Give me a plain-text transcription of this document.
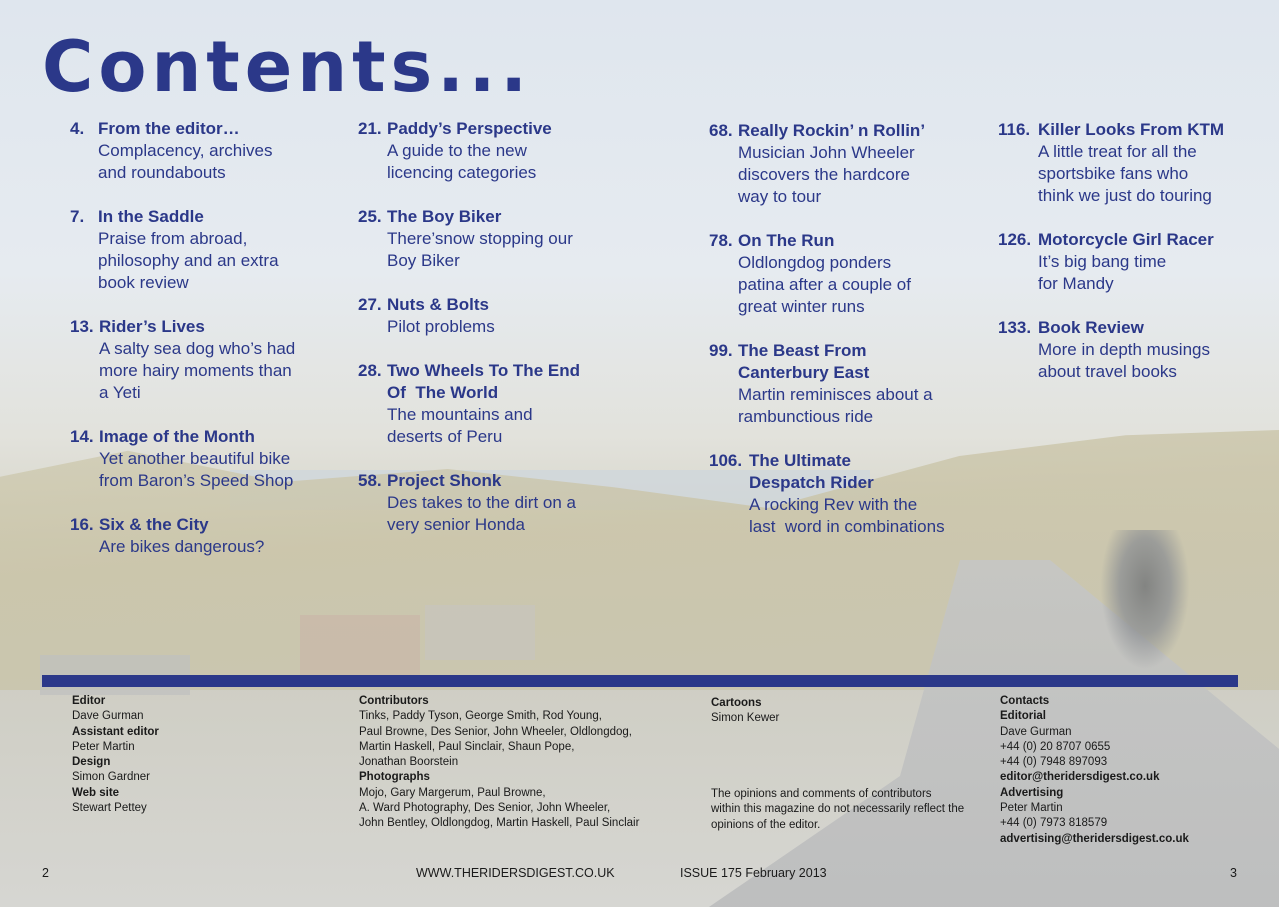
Contents...
4. From the editor…
Complacency, archives
and roundabouts
7. In the Saddle
Praise from abroad,
philosophy and an extra
book review
13. Rider’s Lives
A salty sea dog who’s had
more hairy moments than
a Yeti
14. Image of the Month
Yet another beautiful bike
from Baron’s Speed Shop
16. Six & the City
Are bikes dangerous?
21. Paddy’s Perspective
A guide to the new
licencing categories
25. The Boy Biker
There’snow stopping our
Boy Biker
27. Nuts & Bolts
Pilot problems
28. Two Wheels To The End
Of  The World
The mountains and
deserts of Peru
58. Project Shonk
Des takes to the dirt on a
very senior Honda
68. Really Rockin’ n Rollin’
Musician John Wheeler
discovers the hardcore
way to tour
78. On The Run
Oldlongdog ponders
patina after a couple of
great winter runs
99. The Beast From
Canterbury East
Martin reminisces about a
rambunctious ride
106. The Ultimate
Despatch Rider
A rocking Rev with the
last  word in combinations
116. Killer Looks From KTM
A little treat for all the
sportsbike fans who
think we just do touring
126. Motorcycle Girl Racer
It’s big bang time
for Mandy
133. Book Review
More in depth musings
about travel books
Editor
Dave Gurman
Assistant editor
Peter Martin
Design
Simon Gardner
Web site
Stewart Pettey
Contributors
Tinks, Paddy Tyson, George Smith, Rod Young,
Paul Browne, Des Senior, John Wheeler, Oldlongdog,
Martin Haskell, Paul Sinclair, Shaun Pope,
Jonathan Boorstein
Photographs
Mojo, Gary Margerum, Paul Browne,
A. Ward Photography, Des Senior, John Wheeler,
John Bentley, Oldlongdog, Martin Haskell, Paul Sinclair
Cartoons
Simon Kewer
The opinions and comments of contributors
within this magazine do not necessarily reflect the
opinions of the editor.
Contacts
Editorial
Dave Gurman
+44 (0) 20 8707 0655
+44 (0) 7948 897093
editor@theridersdigest.co.uk
Advertising
Peter Martin
+44 (0) 7973 818579
advertising@theridersdigest.co.uk
2	WWW.THERIDERSDIGEST.CO.UK	ISSUE 175 February 2013	3
